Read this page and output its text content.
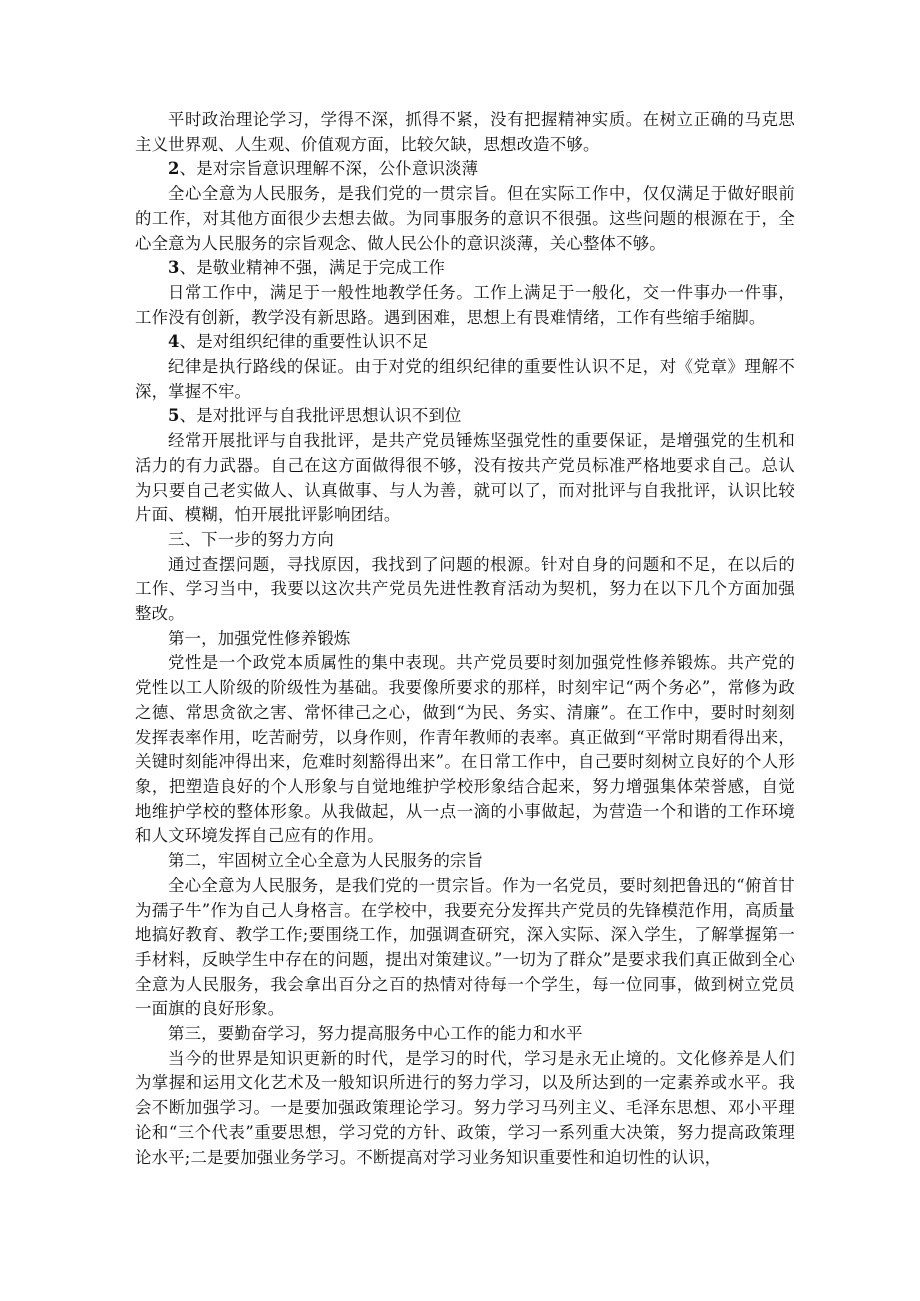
平时政治理论学习，学得不深，抓得不紧，没有把握精神实质。在树立正确的马克思主义世界观、人生观、价值观方面，比较欠缺，思想改造不够。

2、是对宗旨意识理解不深，公仆意识淡薄

全心全意为人民服务，是我们党的一贯宗旨。但在实际工作中，仅仅满足于做好眼前的工作，对其他方面很少去想去做。为同事服务的意识不很强。这些问题的根源在于，全心全意为人民服务的宗旨观念、做人民公仆的意识淡薄，关心整体不够。

3、是敬业精神不强，满足于完成工作

日常工作中，满足于一般性地教学任务。工作上满足于一般化，交一件事办一件事，工作没有创新，教学没有新思路。遇到困难，思想上有畏难情绪，工作有些缩手缩脚。

4、是对组织纪律的重要性认识不足

纪律是执行路线的保证。由于对党的组织纪律的重要性认识不足，对《党章》理解不深，掌握不牢。

5、是对批评与自我批评思想认识不到位

经常开展批评与自我批评，是共产党员锤炼坚强党性的重要保证，是增强党的生机和活力的有力武器。自己在这方面做得很不够，没有按共产党员标准严格地要求自己。总认为只要自己老实做人、认真做事、与人为善，就可以了，而对批评与自我批评，认识比较片面、模糊，怕开展批评影响团结。

三、下一步的努力方向

通过查摆问题，寻找原因，我找到了问题的根源。针对自身的问题和不足，在以后的工作、学习当中，我要以这次共产党员先进性教育活动为契机，努力在以下几个方面加强整改。

第一，加强党性修养锻炼

党性是一个政党本质属性的集中表现。共产党员要时刻加强党性修养锻炼。共产党的党性以工人阶级的阶级性为基础。我要像所要求的那样，时刻牢记“两个务必”，常修为政之德、常思贪欲之害、常怀律己之心，做到“为民、务实、清廉”。在工作中，要时时刻刻发挥表率作用，吃苦耐劳，以身作则，作青年教师的表率。真正做到“平常时期看得出来，关键时刻能冲得出来，危难时刻豁得出来”。在日常工作中，自己要时刻树立良好的个人形象，把塑造良好的个人形象与自觉地维护学校形象结合起来，努力增强集体荣誉感，自觉地维护学校的整体形象。从我做起，从一点一滴的小事做起，为营造一个和谐的工作环境和人文环境发挥自己应有的作用。

第二，牢固树立全心全意为人民服务的宗旨

全心全意为人民服务，是我们党的一贯宗旨。作为一名党员，要时刻把鲁迅的“俯首甘为孺子牛”作为自己人身格言。在学校中，我要充分发挥共产党员的先锋模范作用，高质量地搞好教育、教学工作;要围绕工作，加强调查研究，深入实际、深入学生，了解掌握第一手材料，反映学生中存在的问题，提出对策建议。”一切为了群众”是要求我们真正做到全心全意为人民服务，我会拿出百分之百的热情对待每一个学生，每一位同事，做到树立党员一面旗的良好形象。

第三，要勤奋学习，努力提高服务中心工作的能力和水平

当今的世界是知识更新的时代，是学习的时代，学习是永无止境的。文化修养是人们为掌握和运用文化艺术及一般知识所进行的努力学习，以及所达到的一定素养或水平。我会不断加强学习。一是要加强政策理论学习。努力学习马列主义、毛泽东思想、邓小平理论和“三个代表”重要思想，学习党的方针、政策，学习一系列重大决策，努力提高政策理论水平;二是要加强业务学习。不断提高对学习业务知识重要性和迫切性的认识，
